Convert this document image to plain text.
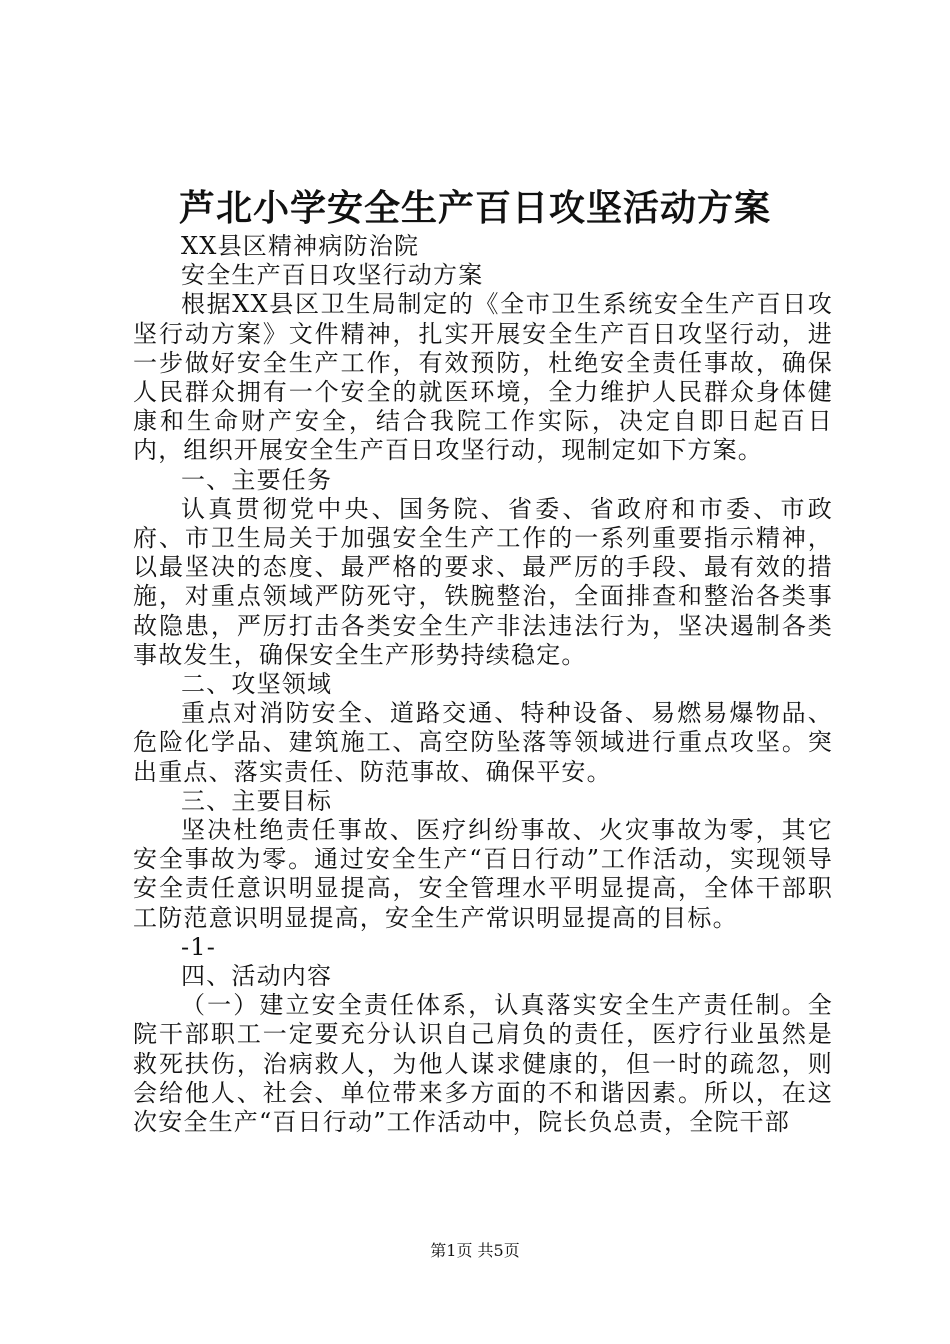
芦北小学安全生产百日攻坚活动方案

XX县区精神病防治院

安全生产百日攻坚行动方案

根据XX县区卫生局制定的《全市卫生系统安全生产百日攻坚行动方案》文件精神，扎实开展安全生产百日攻坚行动，进一步做好安全生产工作，有效预防，杜绝安全责任事故，确保人民群众拥有一个安全的就医环境，全力维护人民群众身体健康和生命财产安全，结合我院工作实际，决定自即日起百日内，组织开展安全生产百日攻坚行动，现制定如下方案。

一、主要任务

认真贯彻党中央、国务院、省委、省政府和市委、市政府、市卫生局关于加强安全生产工作的一系列重要指示精神，以最坚决的态度、最严格的要求、最严厉的手段、最有效的措施，对重点领域严防死守，铁腕整治，全面排查和整治各类事故隐患，严厉打击各类安全生产非法违法行为，坚决遏制各类事故发生，确保安全生产形势持续稳定。

二、攻坚领域

重点对消防安全、道路交通、特种设备、易燃易爆物品、危险化学品、建筑施工、高空防坠落等领域进行重点攻坚。突出重点、落实责任、防范事故、确保平安。

三、主要目标

坚决杜绝责任事故、医疗纠纷事故、火灾事故为零，其它安全事故为零。通过安全生产“百日行动”工作活动，实现领导安全责任意识明显提高，安全管理水平明显提高，全体干部职工防范意识明显提高，安全生产常识明显提高的目标。

-1-

四、活动内容

（一）建立安全责任体系，认真落实安全生产责任制。全院干部职工一定要充分认识自己肩负的责任，医疗行业虽然是救死扶伤，治病救人，为他人谋求健康的，但一时的疏忽，则会给他人、社会、单位带来多方面的不和谐因素。所以，在这次安全生产“百日行动”工作活动中，院长负总责，全院干部

第1页 共5页
